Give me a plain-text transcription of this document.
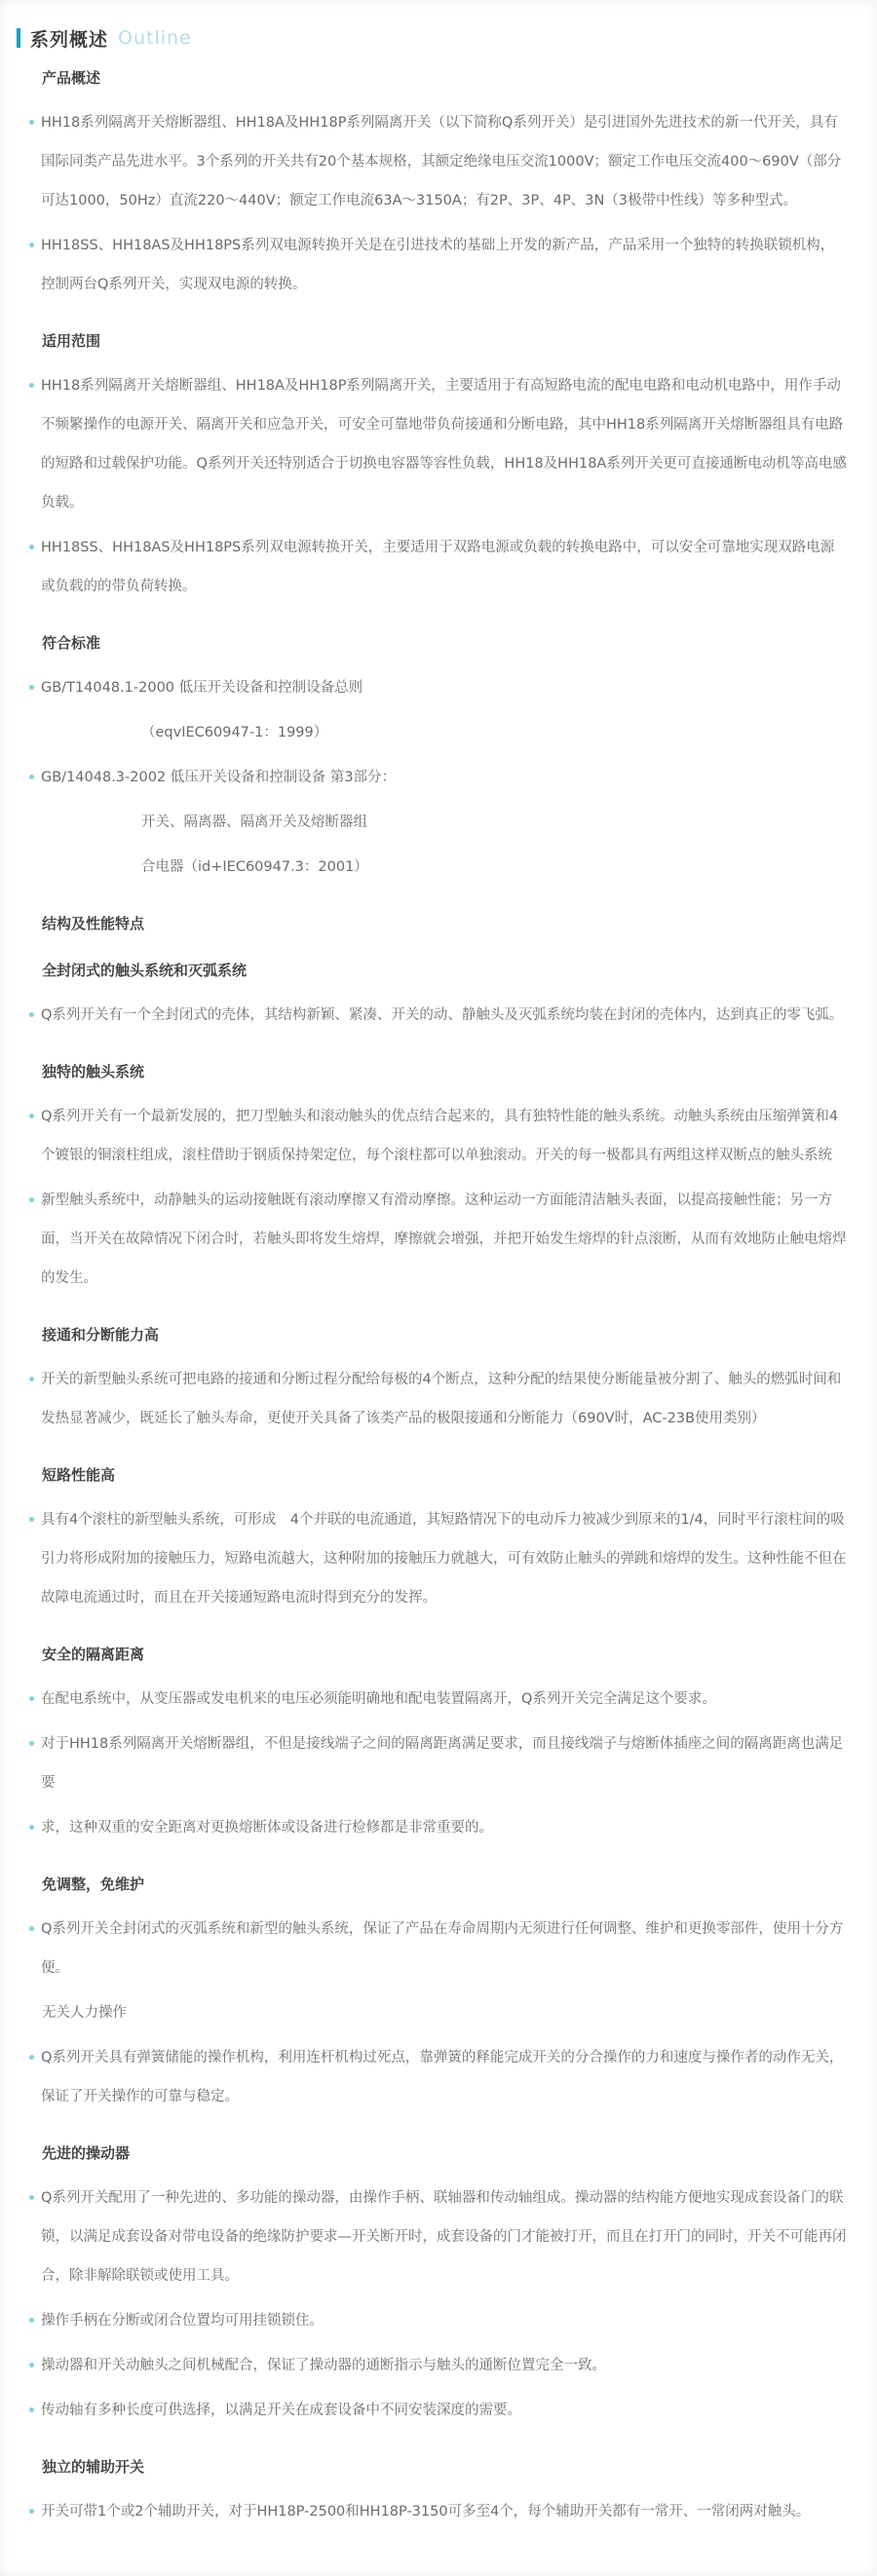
系列概述 Outline
产品概述

HH18系列隔离开关熔断器组、HH18A及HH18P系列隔离开关（以下简称Q系列开关）是引进国外先进技术的新一代开关，具有国际同类产品先进水平。3个系列的开关共有20个基本规格，其额定绝缘电压交流1000V；额定工作电压交流400～690V（部分可达1000，50Hz）直流220～440V；额定工作电流63A～3150A；有2P、3P、4P、3N（3极带中性线）等多种型式。

HH18SS、HH18AS及HH18PS系列双电源转换开关是在引进技术的基础上开发的新产品，产品采用一个独特的转换联锁机构，控制两台Q系列开关，实现双电源的转换。

适用范围

HH18系列隔离开关熔断器组、HH18A及HH18P系列隔离开关，主要适用于有高短路电流的配电电路和电动机电路中，用作手动不频繁操作的电源开关、隔离开关和应急开关，可安全可靠地带负荷接通和分断电路，其中HH18系列隔离开关熔断器组具有电路的短路和过载保护功能。Q系列开关还特别适合于切换电容器等容性负载，HH18及HH18A系列开关更可直接通断电动机等高电感负载。

HH18SS、HH18AS及HH18PS系列双电源转换开关，主要适用于双路电源或负载的转换电路中，可以安全可靠地实现双路电源或负载的的带负荷转换。

符合标准

GB/T14048.1-2000 低压开关设备和控制设备总则

（eqvIEC60947-1：1999）

GB/14048.3-2002 低压开关设备和控制设备 第3部分：

开关、隔离器、隔离开关及熔断器组

合电器（id+IEC60947.3：2001）

结构及性能特点
全封闭式的触头系统和灭弧系统

Q系列开关有一个全封闭式的壳体，其结构新颖、紧凑、开关的动、静触头及灭弧系统均装在封闭的壳体内，达到真正的零飞弧。

独特的触头系统

Q系列开关有一个最新发展的，把刀型触头和滚动触头的优点结合起来的，具有独特性能的触头系统。动触头系统由压缩弹簧和4个镀银的铜滚柱组成，滚柱借助于钢质保持架定位，每个滚柱都可以单独滚动。开关的每一极都具有两组这样双断点的触头系统

新型触头系统中，动静触头的运动接触既有滚动摩擦又有滑动摩擦。这种运动一方面能清洁触头表面，以提高接触性能；另一方面，当开关在故障情况下闭合时，若触头即将发生熔焊，摩擦就会增强，并把开始发生熔焊的针点滚断，从而有效地防止触电熔焊的发生。

接通和分断能力高

开关的新型触头系统可把电路的接通和分断过程分配给每极的4个断点，这种分配的结果使分断能量被分割了、触头的燃弧时间和发热显著减少，既延长了触头寿命，更使开关具备了该类产品的极限接通和分断能力（690V时，AC-23B使用类别）

短路性能高

具有4个滚柱的新型触头系统，可形成　4个并联的电流通道，其短路情况下的电动斥力被减少到原来的1/4，同时平行滚柱间的吸引力将形成附加的接触压力，短路电流越大，这种附加的接触压力就越大，可有效防止触头的弹跳和熔焊的发生。这种性能不但在故障电流通过时，而且在开关接通短路电流时得到充分的发挥。

安全的隔离距离

在配电系统中，从变压器或发电机来的电压必须能明确地和配电装置隔离开，Q系列开关完全满足这个要求。

对于HH18系列隔离开关熔断器组，不但是接线端子之间的隔离距离满足要求，而且接线端子与熔断体插座之间的隔离距离也满足要

求，这种双重的安全距离对更换熔断体或设备进行检修都是非常重要的。

免调整，免维护

Q系列开关全封闭式的灭弧系统和新型的触头系统，保证了产品在寿命周期内无须进行任何调整、维护和更换零部件，使用十分方便。

无关人力操作

Q系列开关具有弹簧储能的操作机构，利用连杆机构过死点，靠弹簧的释能完成开关的分合操作的力和速度与操作者的动作无关，保证了开关操作的可靠与稳定。

先进的操动器

Q系列开关配用了一种先进的、多功能的操动器，由操作手柄、联轴器和传动轴组成。操动器的结构能方便地实现成套设备门的联锁，以满足成套设备对带电设备的绝缘防护要求—开关断开时，成套设备的门才能被打开，而且在打开门的同时，开关不可能再闭合，除非解除联锁或使用工具。

操作手柄在分断或闭合位置均可用挂锁锁住。

操动器和开关动触头之间机械配合，保证了操动器的通断指示与触头的通断位置完全一致。

传动轴有多种长度可供选择，以满足开关在成套设备中不同安装深度的需要。

独立的辅助开关

开关可带1个或2个辅助开关，对于HH18P-2500和HH18P-3150可多至4个，每个辅助开关都有一常开、一常闭两对触头。
